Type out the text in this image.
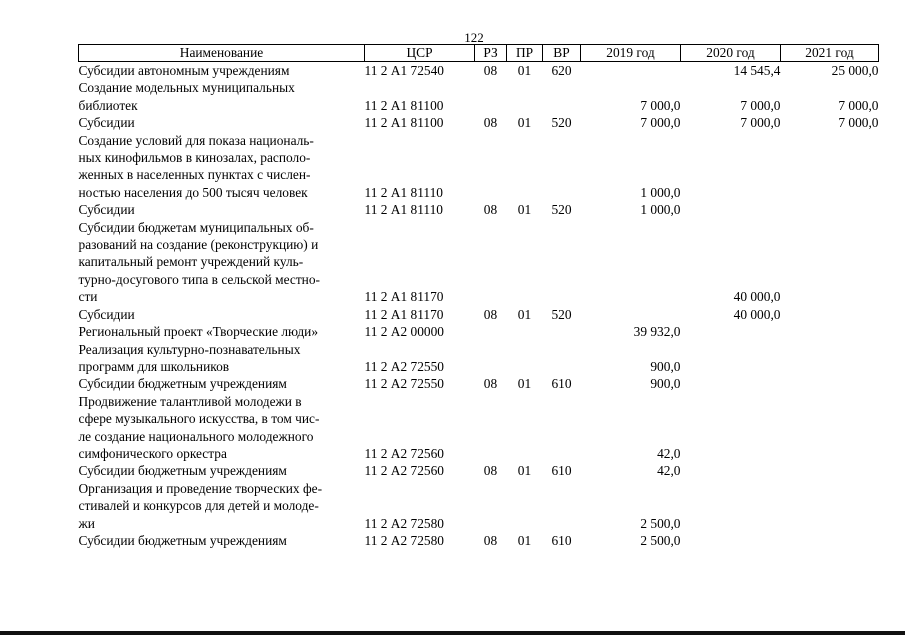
122
Наименование	ЦСР	РЗ	ПР	ВР	2019 год	2020 год	2021 год

Субсидии автономным учреждениям	11 2 А1 72540	08	01	620		14 545,4	25 000,0

Создание модельных муниципальных
библиотек	11 2 А1 81100				7 000,0	7 000,0	7 000,0

Субсидии	11 2 А1 81100	08	01	520	7 000,0	7 000,0	7 000,0

Создание условий для показа националь-
ных кинофильмов в кинозалах, располо-
женных в населенных пунктах с числен-
ностью населения до 500 тысяч человек	11 2 А1 81110				1 000,0		

Субсидии	11 2 А1 81110	08	01	520	1 000,0		

Субсидии бюджетам муниципальных об-
разований на создание (реконструкцию) и
капитальный ремонт учреждений куль-
турно-досугового типа в сельской местно-
сти	11 2 А1 81170					40 000,0	

Субсидии	11 2 А1 81170	08	01	520		40 000,0	

Региональный проект «Творческие люди»	11 2 А2 00000				39 932,0		

Реализация культурно-познавательных
программ для школьников	11 2 А2 72550				900,0		

Субсидии бюджетным учреждениям	11 2 А2 72550	08	01	610	900,0		

Продвижение талантливой молодежи в
сфере музыкального искусства, в том чис-
ле создание национального молодежного
симфонического оркестра	11 2 А2 72560				42,0		

Субсидии бюджетным учреждениям	11 2 А2 72560	08	01	610	42,0		

Организация и проведение творческих фе-
стивалей и конкурсов для детей и молоде-
жи	11 2 А2 72580				2 500,0		

Субсидии бюджетным учреждениям	11 2 А2 72580	08	01	610	2 500,0		
